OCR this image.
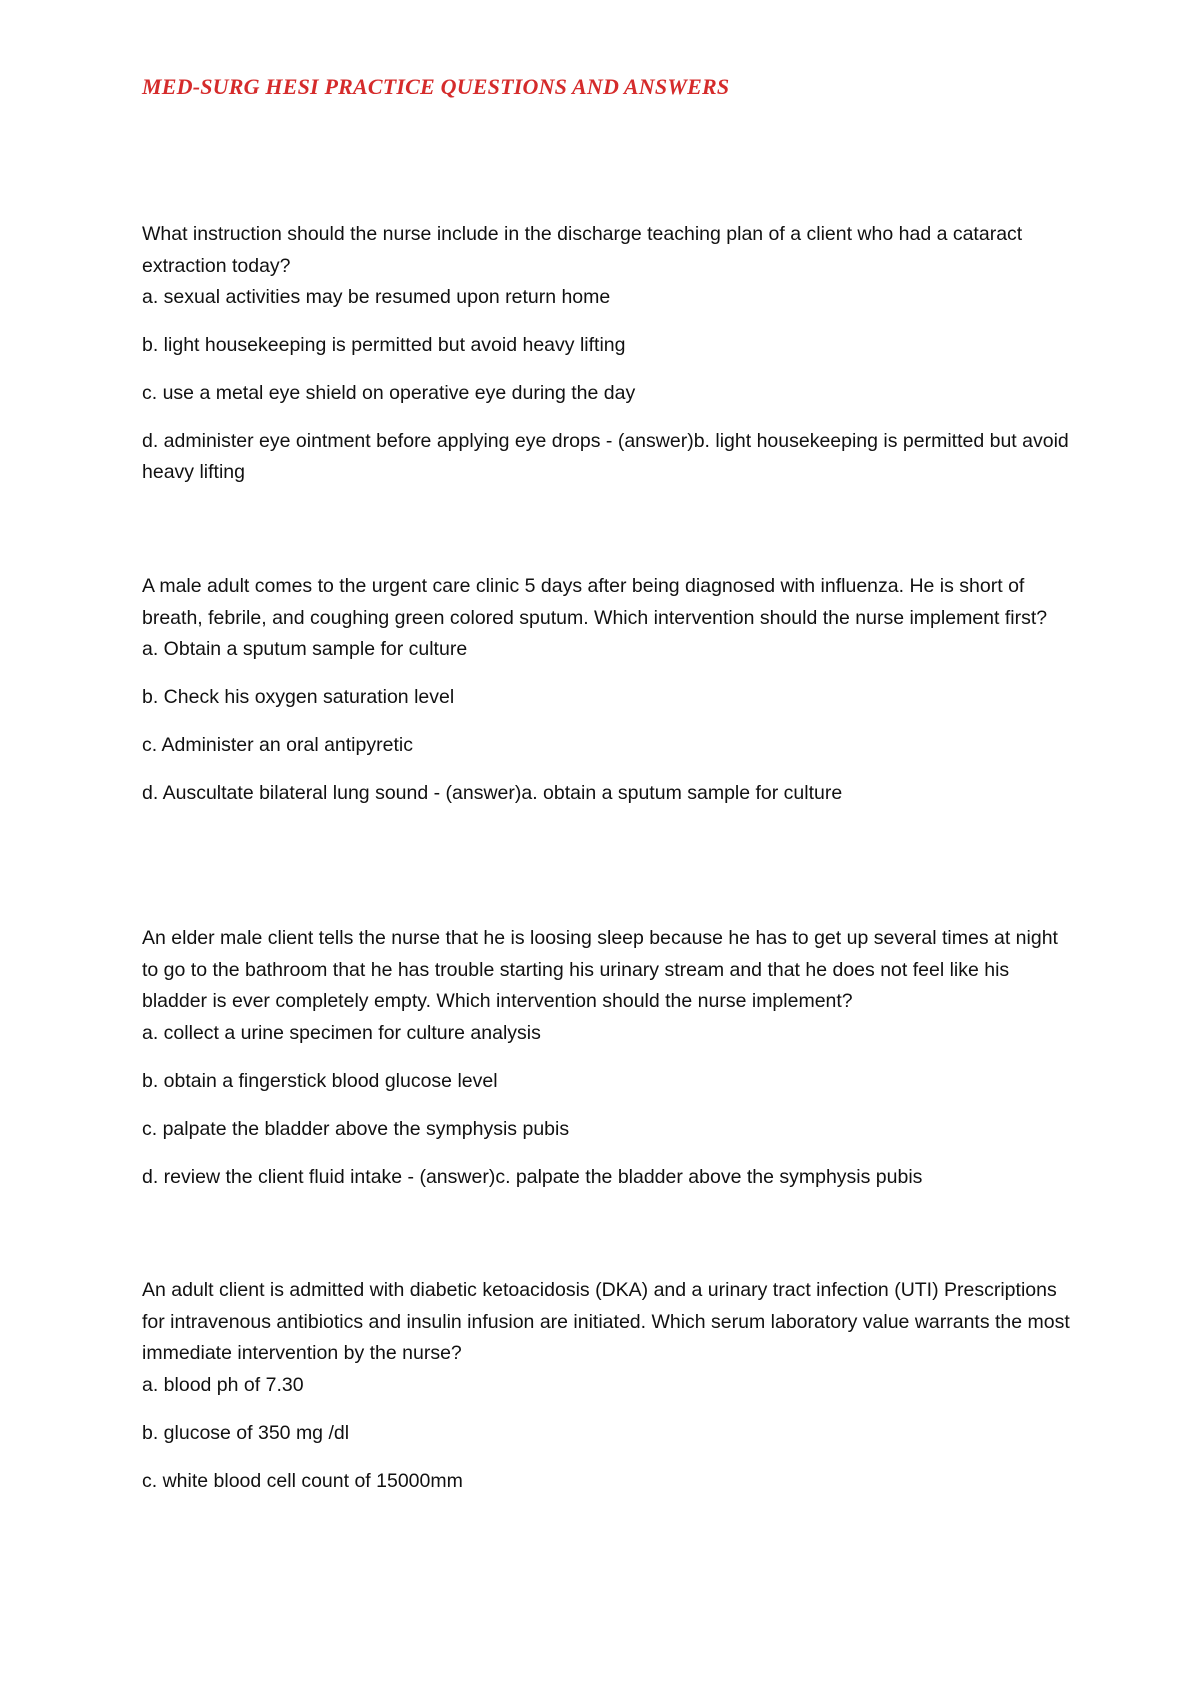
MED-SURG HESI PRACTICE QUESTIONS AND ANSWERS

What instruction should the nurse include in the discharge teaching plan of a client who had a cataract extraction today?

a. sexual activities may be resumed upon return home

b. light housekeeping is permitted but avoid heavy lifting

c. use a metal eye shield on operative eye during the day

d. administer eye ointment before applying eye drops - (answer)b. light housekeeping is permitted but avoid heavy lifting

A male adult comes to the urgent care clinic 5 days after being diagnosed with influenza. He is short of breath, febrile, and coughing green colored sputum. Which intervention should the nurse implement first?

a. Obtain a sputum sample for culture

b. Check his oxygen saturation level

c. Administer an oral antipyretic

d. Auscultate bilateral lung sound - (answer)a. obtain a sputum sample for culture

An elder male client tells the nurse that he is loosing sleep because he has to get up several times at night to go to the bathroom that he has trouble starting his urinary stream and that he does not feel like his bladder is ever completely empty. Which intervention should the nurse implement?

a. collect a urine specimen for culture analysis

b. obtain a fingerstick blood glucose level

c. palpate the bladder above the symphysis pubis

d. review the client fluid intake - (answer)c. palpate the bladder above the symphysis pubis

An adult client is admitted with diabetic ketoacidosis (DKA) and a urinary tract infection (UTI) Prescriptions for intravenous antibiotics and insulin infusion are initiated. Which serum laboratory value warrants the most immediate intervention by the nurse?

a. blood ph of 7.30

b. glucose of 350 mg /dl

c. white blood cell count of 15000mm
